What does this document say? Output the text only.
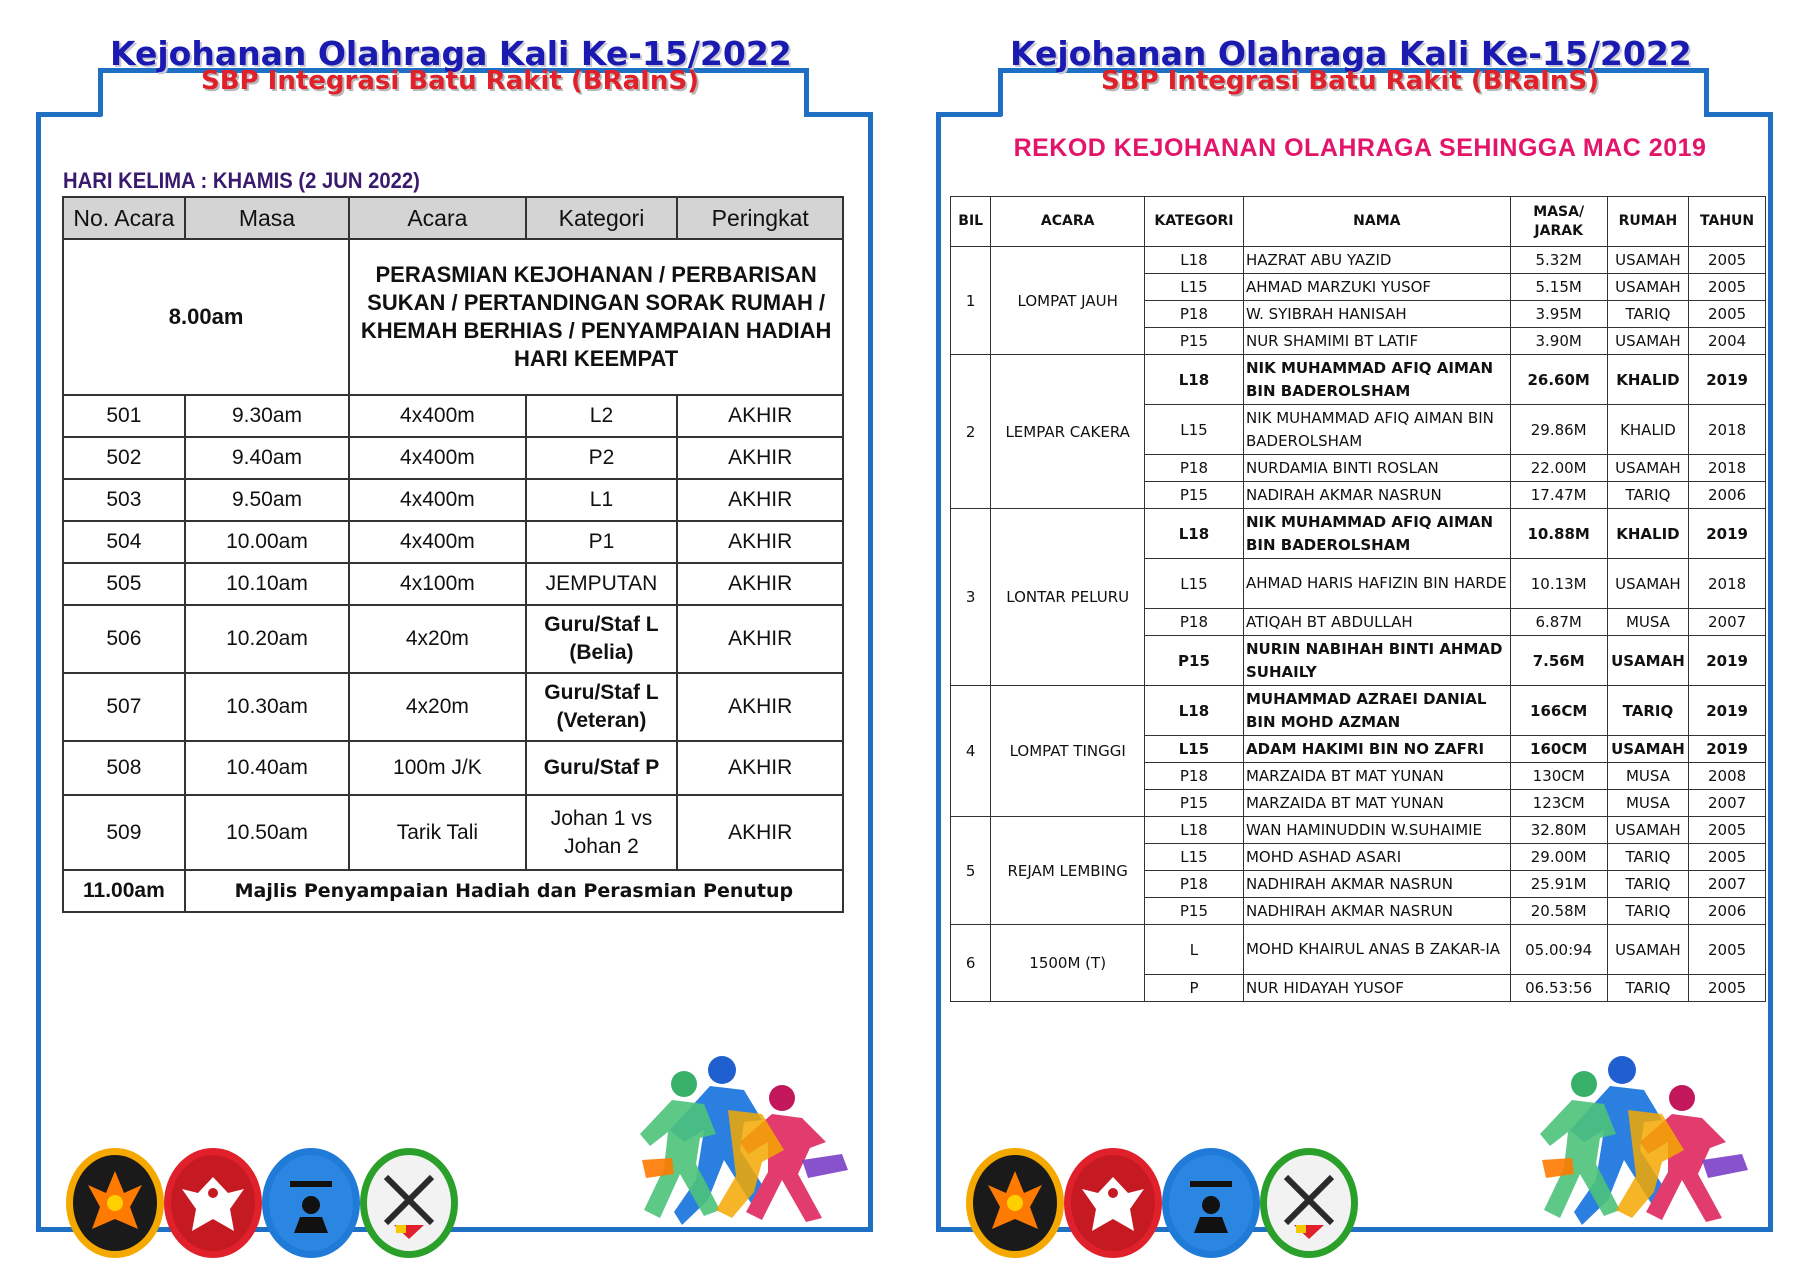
Kejohanan Olahraga Kali Ke-15/2022
SBP Integrasi Batu Rakit (BRaInS)
HARI KELIMA : KHAMIS (2 JUN 2022)
No. Acara	Masa	Acara	Kategori	Peringkat
8.00am		PERASMIAN KEJOHANAN / PERBARISAN SUKAN / PERTANDINGAN SORAK RUMAH / KHEMAH BERHIAS / PENYAMPAIAN HADIAH HARI KEEMPAT		
501	9.30am	4x400m	L2	AKHIR
502	9.40am	4x400m	P2	AKHIR
503	9.50am	4x400m	L1	AKHIR
504	10.00am	4x400m	P1	AKHIR
505	10.10am	4x100m	JEMPUTAN	AKHIR
506	10.20am	4x20m	Guru/Staf L (Belia)	AKHIR
507	10.30am	4x20m	Guru/Staf L (Veteran)	AKHIR
508	10.40am	100m J/K	Guru/Staf P	AKHIR
509	10.50am	Tarik Tali	Johan 1 vs Johan 2	AKHIR
11.00am	Majlis Penyampaian Hadiah dan Perasmian Penutup			
Kejohanan Olahraga Kali Ke-15/2022
SBP Integrasi Batu Rakit (BRaInS)
REKOD KEJOHANAN OLAHRAGA SEHINGGA MAC 2019
BIL	ACARA	KATEGORI	NAMA	MASA/ JARAK	RUMAH	TAHUN
1	LOMPAT JAUH	L18	HAZRAT ABU YAZID	5.32M	USAMAH	2005
		L15	AHMAD MARZUKI YUSOF	5.15M	USAMAH	2005
		P18	W. SYIBRAH HANISAH	3.95M	TARIQ	2005
		P15	NUR SHAMIMI BT LATIF	3.90M	USAMAH	2004
2	LEMPAR CAKERA	L18	NIK MUHAMMAD AFIQ AIMAN BIN BADEROLSHAM	26.60M	KHALID	2019
		L15	NIK MUHAMMAD AFIQ AIMAN BIN BADEROLSHAM	29.86M	KHALID	2018
		P18	NURDAMIA BINTI ROSLAN	22.00M	USAMAH	2018
		P15	NADIRAH AKMAR NASRUN	17.47M	TARIQ	2006
3	LONTAR PELURU	L18	NIK MUHAMMAD AFIQ AIMAN BIN BADEROLSHAM	10.88M	KHALID	2019
		L15	AHMAD HARIS HAFIZIN BIN HARDE	10.13M	USAMAH	2018
		P18	ATIQAH BT ABDULLAH	6.87M	MUSA	2007
		P15	NURIN NABIHAH BINTI AHMAD SUHAILY	7.56M	USAMAH	2019
4	LOMPAT TINGGI	L18	MUHAMMAD AZRAEI DANIAL BIN MOHD AZMAN	166CM	TARIQ	2019
		L15	ADAM HAKIMI BIN NO ZAFRI	160CM	USAMAH	2019
		P18	MARZAIDA BT MAT YUNAN	130CM	MUSA	2008
		P15	MARZAIDA BT MAT YUNAN	123CM	MUSA	2007
5	REJAM LEMBING	L18	WAN HAMINUDDIN W.SUHAIMIE	32.80M	USAMAH	2005
		L15	MOHD ASHAD ASARI	29.00M	TARIQ	2005
		P18	NADHIRAH AKMAR NASRUN	25.91M	TARIQ	2007
		P15	NADHIRAH AKMAR NASRUN	20.58M	TARIQ	2006
6	1500M (T)	L	MOHD KHAIRUL ANAS B ZAKAR-IA	05.00:94	USAMAH	2005
		P	NUR HIDAYAH YUSOF	06.53:56	TARIQ	2005
